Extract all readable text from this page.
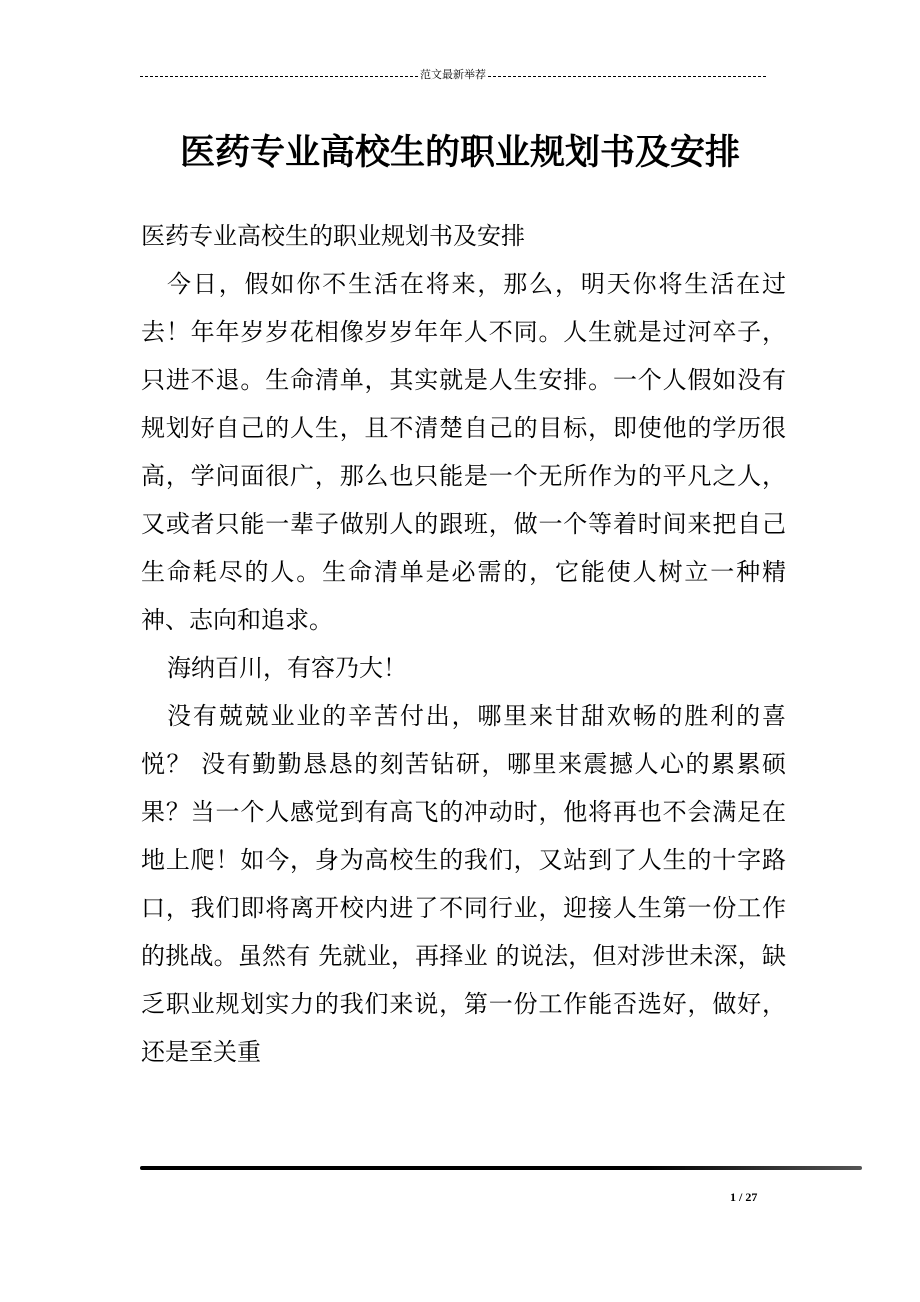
范文最新举荐
医药专业高校生的职业规划书及安排

医药专业高校生的职业规划书及安排

今日，假如你不生活在将来，那么，明天你将生活在过去！年年岁岁花相像岁岁年年人不同。人生就是过河卒子，只进不退。生命清单，其实就是人生安排。一个人假如没有规划好自己的人生，且不清楚自己的目标，即使他的学历很高，学问面很广，那么也只能是一个无所作为的平凡之人，又或者只能一辈子做别人的跟班，做一个等着时间来把自己生命耗尽的人。生命清单是必需的，它能使人树立一种精神、志向和追求。

海纳百川，有容乃大！

没有兢兢业业的辛苦付出，哪里来甘甜欢畅的胜利的喜悦？ 没有勤勤恳恳的刻苦钻研，哪里来震撼人心的累累硕果？当一个人感觉到有高飞的冲动时，他将再也不会满足在地上爬！如今，身为高校生的我们，又站到了人生的十字路口，我们即将离开校内进了不同行业，迎接人生第一份工作的挑战。虽然有 先就业，再择业 的说法，但对涉世未深，缺乏职业规划实力的我们来说，第一份工作能否选好，做好，还是至关重

1 / 27
